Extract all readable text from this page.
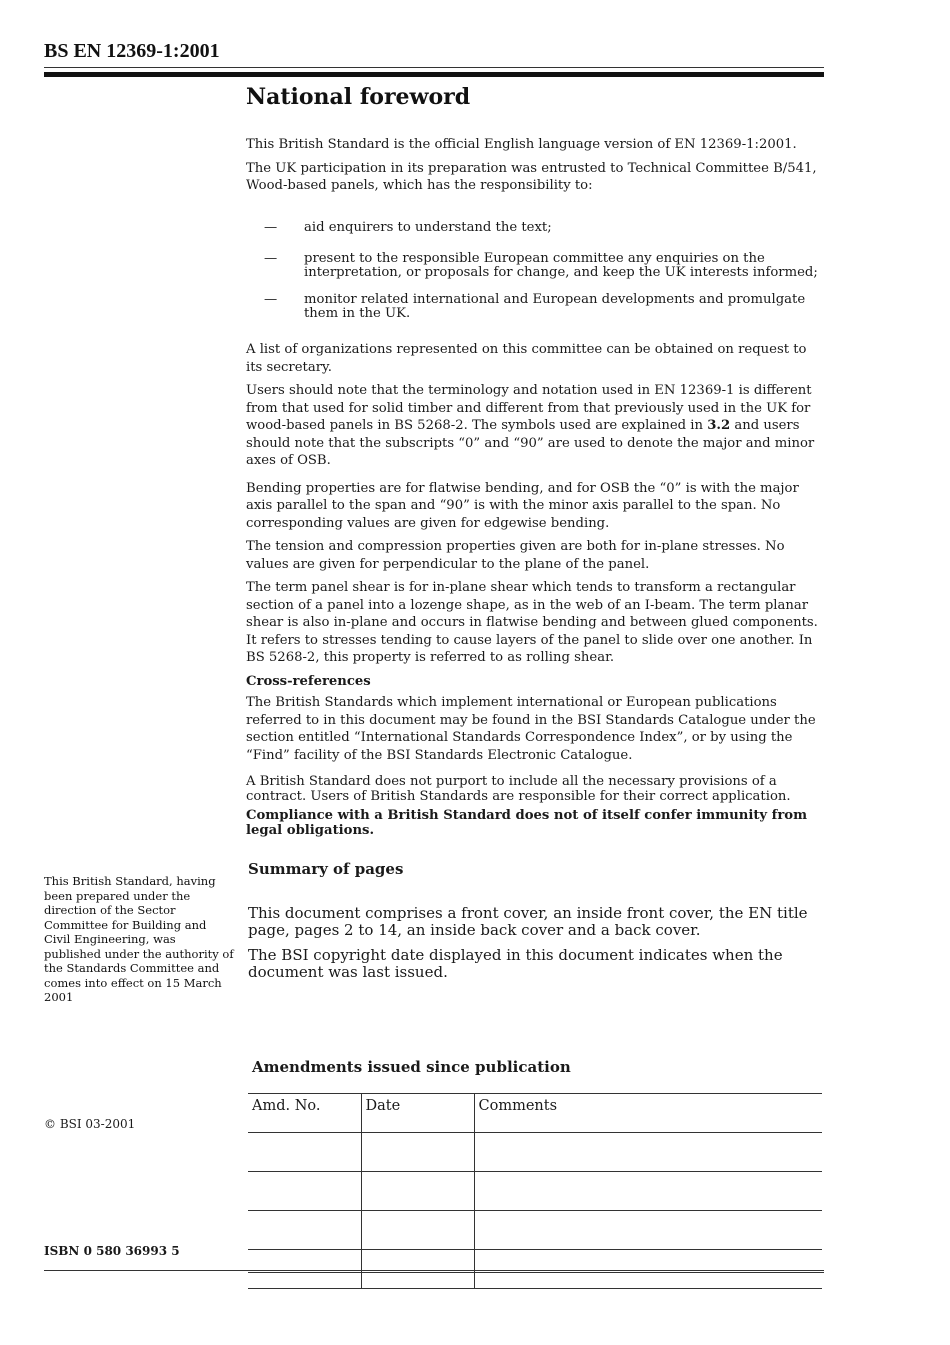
BS EN 12369-1:2001
National foreword

This British Standard is the official English language version of EN 12369-1:2001.

The UK participation in its preparation was entrusted to Technical Committee B/541, Wood-based panels, which has the responsibility to:

—	aid enquirers to understand the text;
—	present to the responsible European committee any enquiries on the interpretation, or proposals for change, and keep the UK interests informed;
—	monitor related international and European developments and promulgate them in the UK.

A list of organizations represented on this committee can be obtained on request to its secretary.

Users should note that the terminology and notation used in EN 12369-1 is different from that used for solid timber and different from that previously used in the UK for wood-based panels in BS 5268-2. The symbols used are explained in 3.2 and users should note that the subscripts “0” and “90” are used to denote the major and minor axes of OSB.

Bending properties are for flatwise bending, and for OSB the “0” is with the major axis parallel to the span and “90” is with the minor axis parallel to the span. No corresponding values are given for edgewise bending.

The tension and compression properties given are both for in-plane stresses. No values are given for perpendicular to the plane of the panel.

The term panel shear is for in-plane shear which tends to transform a rectangular section of a panel into a lozenge shape, as in the web of an I-beam. The term planar shear is also in-plane and occurs in flatwise bending and between glued components. It refers to stresses tending to cause layers of the panel to slide over one another. In BS 5268-2, this property is referred to as rolling shear.

Cross-references

The British Standards which implement international or European publications referred to in this document may be found in the BSI Standards Catalogue under the section entitled “International Standards Correspondence Index”, or by using the “Find” facility of the BSI Standards Electronic Catalogue.

A British Standard does not purport to include all the necessary provisions of a contract. Users of British Standards are responsible for their correct application.

Compliance with a British Standard does not of itself confer immunity from legal obligations.

This British Standard, having been prepared under the direction of the Sector Committee for Building and Civil Engineering, was published under the authority of the Standards Committee and comes into effect on 15 March 2001
Summary of pages

This document comprises a front cover, an inside front cover, the EN title page, pages 2 to 14, an inside back cover and a back cover.

The BSI copyright date displayed in this document indicates when the document was last issued.

Amendments issued since publication
Amd. No.	Date	Comments

© BSI 03-2001
ISBN 0 580 36993 5
